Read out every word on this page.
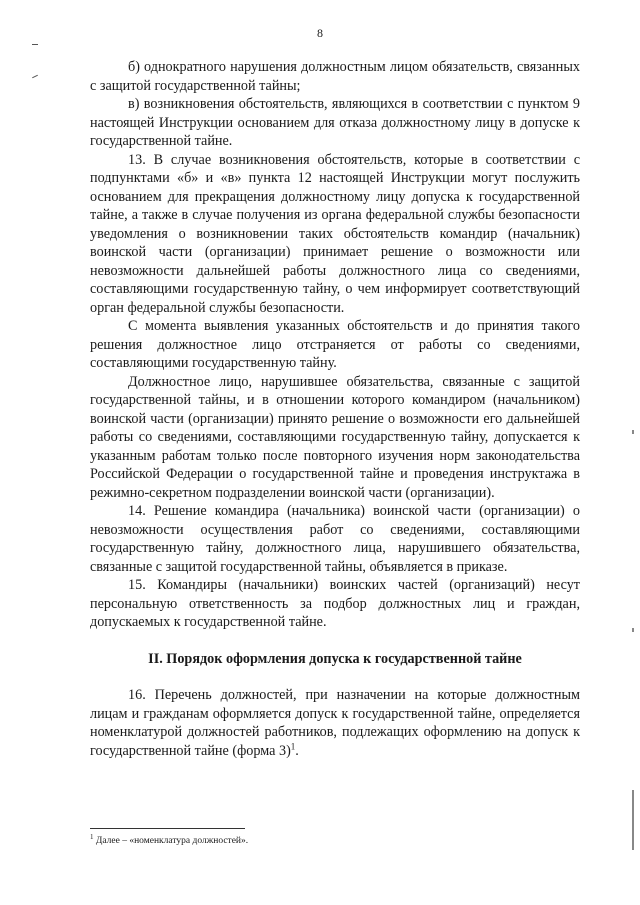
8

б) однократного нарушения должностным лицом обязательств, связанных с защитой государственной тайны;

в) возникновения обстоятельств, являющихся в соответствии с пунктом 9 настоящей Инструкции основанием для отказа должностному лицу в допуске к государственной тайне.

13. В случае возникновения обстоятельств, которые в соответствии с подпунктами «б» и «в» пункта 12 настоящей Инструкции могут послужить основанием для прекращения должностному лицу допуска к государственной тайне, а также в случае получения из органа федеральной службы безопасности уведомления о возникновении таких обстоятельств командир (начальник) воинской части (организации) принимает решение о возможности или невозможности дальнейшей работы должностного лица со сведениями, составляющими государственную тайну, о чем информирует соответствующий орган федеральной службы безопасности.

С момента выявления указанных обстоятельств и до принятия такого решения должностное лицо отстраняется от работы со сведениями, составляющими государственную тайну.

Должностное лицо, нарушившее обязательства, связанные с защитой государственной тайны, и в отношении которого командиром (начальником) воинской части (организации) принято решение о возможности его дальнейшей работы со сведениями, составляющими государственную тайну, допускается к указанным работам только после повторного изучения норм законодательства Российской Федерации о государственной тайне и проведения инструктажа в режимно-секретном подразделении воинской части (организации).

14. Решение командира (начальника) воинской части (организации) о невозможности осуществления работ со сведениями, составляющими государственную тайну, должностного лица, нарушившего обязательства, связанные с защитой государственной тайны, объявляется в приказе.

15. Командиры (начальники) воинских частей (организаций) несут персональную ответственность за подбор должностных лиц и граждан, допускаемых к государственной тайне.

II. Порядок оформления допуска к государственной тайне

16. Перечень должностей, при назначении на которые должностным лицам и гражданам оформляется допуск к государственной тайне, определяется номенклатурой должностей работников, подлежащих оформлению на допуск к государственной тайне (форма 3)$^1$.

$^1$ Далее – «номенклатура должностей».
